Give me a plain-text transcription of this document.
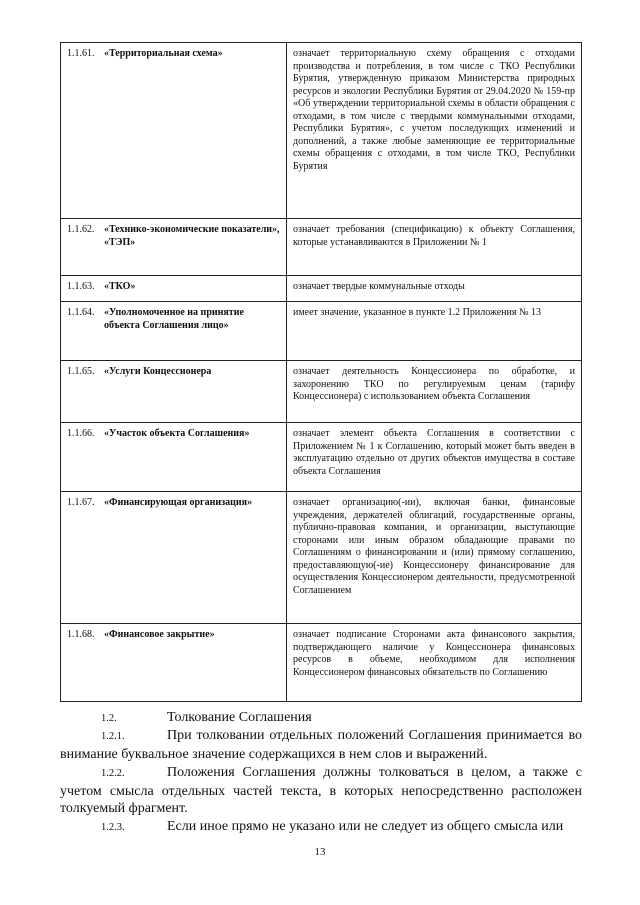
1.1.61. «Территориальная схема»	означает территориальную схему обращения с отходами производства и потребления, в том числе с ТКО Республики Бурятия, утвержденную приказом Министерства природных ресурсов и экологии Республики Бурятия от 29.04.2020 № 159-пр «Об утверждении территориальной схемы в области обращения с отходами, в том числе с твердыми коммунальными отходами, Республики Бурятия», с учетом последующих изменений и дополнений, а также любые заменяющие ее территориальные схемы обращения с отходами, в том числе ТКО, Республики Бурятия

1.1.62. «Технико-экономические показатели», «ТЭП»	означает требования (спецификацию) к объекту Соглашения, которые устанавливаются в Приложении № 1

1.1.63. «ТКО»	означает твердые коммунальные отходы

1.1.64. «Уполномоченное на принятие объекта Соглашения лицо»	имеет значение, указанное в пункте 1.2 Приложения № 13

1.1.65. «Услуги Концессионера	означает деятельность Концессионера по обработке, и захоронению ТКО по регулируемым ценам (тарифу Концессионера) с использованием объекта Соглашения

1.1.66. «Участок объекта Соглашения»	означает элемент объекта Соглашения в соответствии с Приложением № 1 к Соглашению, который может быть введен в эксплуатацию отдельно от других объектов имущества в составе объекта Соглашения

1.1.67. «Финансирующая организация»	означает организацию(-ии), включая банки, финансовые учреждения, держателей облигаций, государственные органы, публично-правовая компания, и организации, выступающие сторонами или иным образом обладающие правами по Соглашениям о финансировании и (или) прямому соглашению, предоставляющую(-ие) Концессионеру финансирование для осуществления Концессионером деятельности, предусмотренной Соглашением

1.1.68. «Финансовое закрытие»	означает подписание Сторонами акта финансового закрытия, подтверждающего наличие у Концессионера финансовых ресурсов в объеме, необходимом для исполнения Концессионером финансовых обязательств по Соглашению
1.2.	Толкование Соглашения
1.2.1.	При толковании отдельных положений Соглашения принимается во внимание буквальное значение содержащихся в нем слов и выражений.
1.2.2.	Положения Соглашения должны толковаться в целом, а также с учетом смысла отдельных частей текста, в которых непосредственно расположен толкуемый фрагмент.
1.2.3.	Если иное прямо не указано или не следует из общего смысла или
13
